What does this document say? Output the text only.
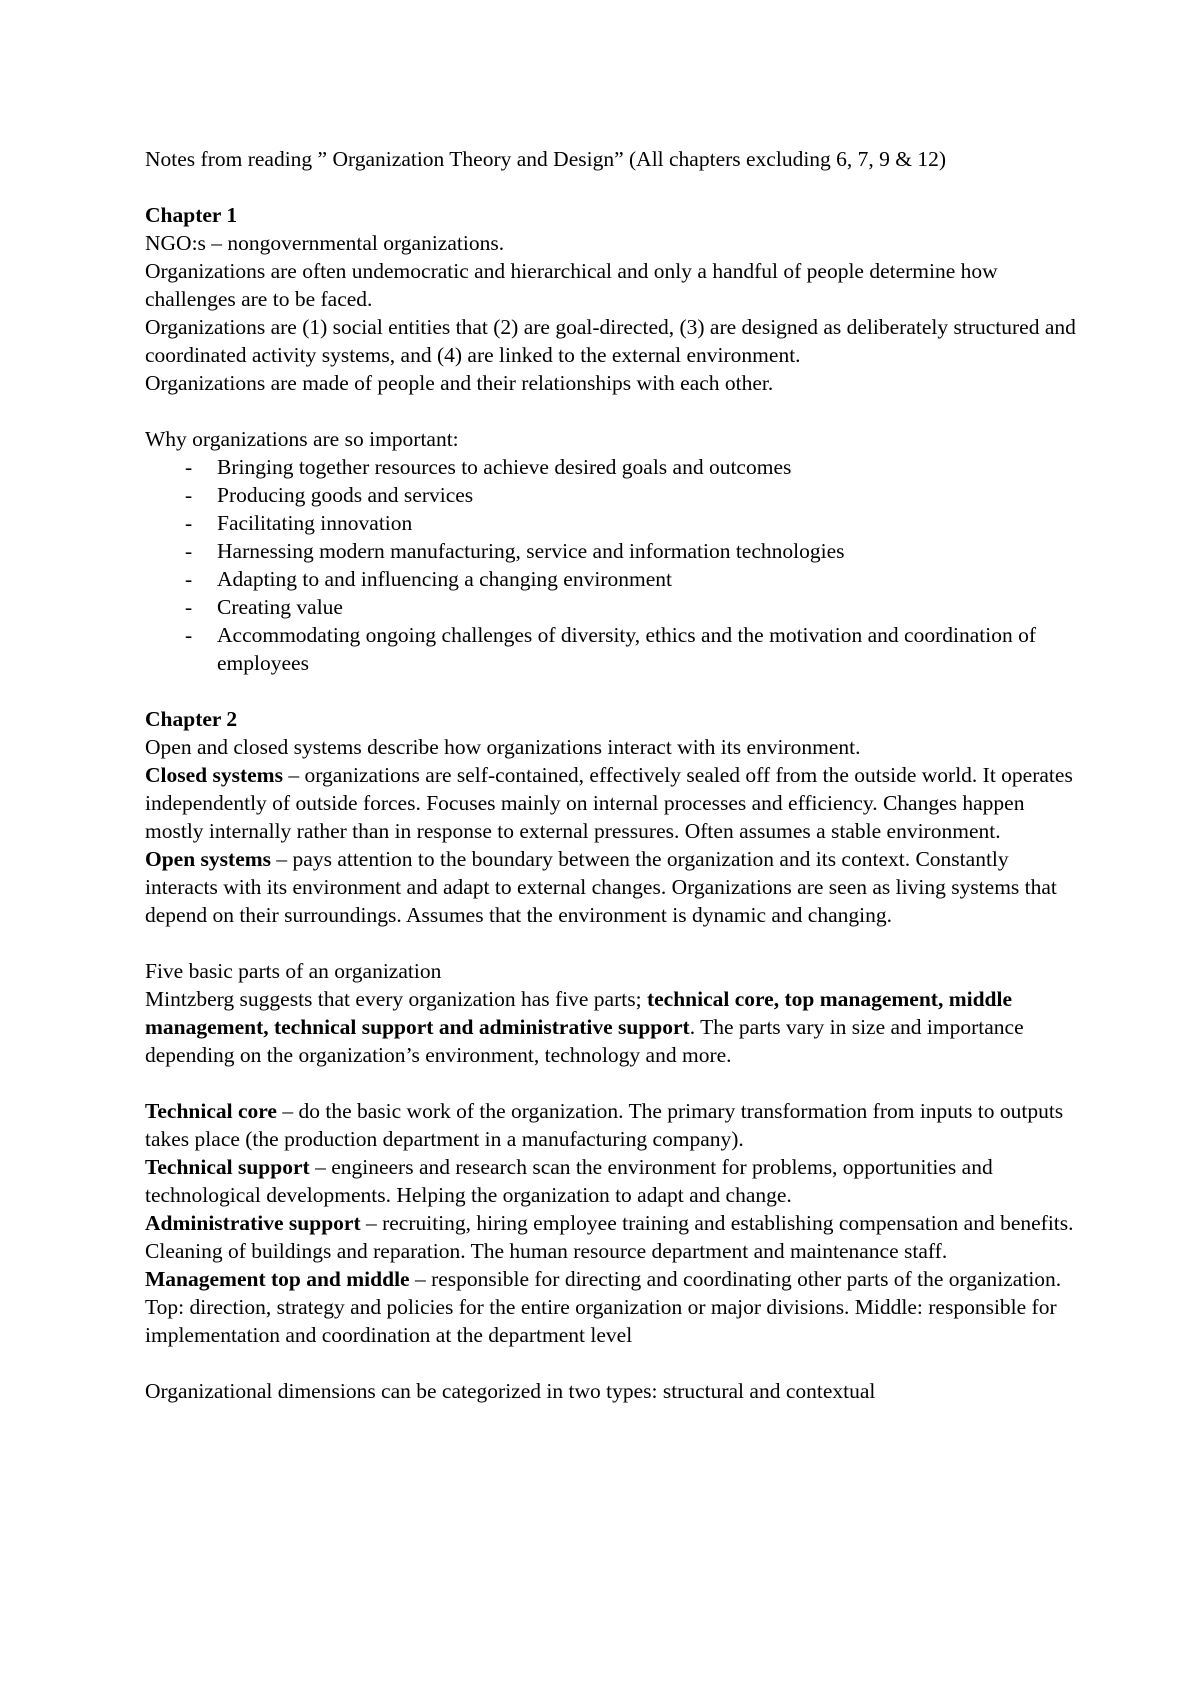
Notes from reading ” Organization Theory and Design” (All chapters excluding 6, 7, 9 & 12)

Chapter 1

NGO:s – nongovernmental organizations.

Organizations are often undemocratic and hierarchical and only a handful of people determine how challenges are to be faced.

Organizations are (1) social entities that (2) are goal-directed, (3) are designed as deliberately structured and coordinated activity systems, and (4) are linked to the external environment.

Organizations are made of people and their relationships with each other.

Why organizations are so important:

- Bringing together resources to achieve desired goals and outcomes
- Producing goods and services
- Facilitating innovation
- Harnessing modern manufacturing, service and information technologies
- Adapting to and influencing a changing environment
- Creating value
- Accommodating ongoing challenges of diversity, ethics and the motivation and coordination of employees

Chapter 2

Open and closed systems describe how organizations interact with its environment.

Closed systems – organizations are self-contained, effectively sealed off from the outside world. It operates independently of outside forces. Focuses mainly on internal processes and efficiency. Changes happen mostly internally rather than in response to external pressures. Often assumes a stable environment.

Open systems – pays attention to the boundary between the organization and its context. Constantly interacts with its environment and adapt to external changes. Organizations are seen as living systems that depend on their surroundings. Assumes that the environment is dynamic and changing.

Five basic parts of an organization

Mintzberg suggests that every organization has five parts; technical core, top management, middle management, technical support and administrative support. The parts vary in size and importance depending on the organization’s environment, technology and more.

Technical core – do the basic work of the organization. The primary transformation from inputs to outputs takes place (the production department in a manufacturing company).

Technical support – engineers and research scan the environment for problems, opportunities and technological developments. Helping the organization to adapt and change.

Administrative support – recruiting, hiring employee training and establishing compensation and benefits. Cleaning of buildings and reparation. The human resource department and maintenance staff.

Management top and middle – responsible for directing and coordinating other parts of the organization. Top: direction, strategy and policies for the entire organization or major divisions. Middle: responsible for implementation and coordination at the department level

Organizational dimensions can be categorized in two types: structural and contextual
